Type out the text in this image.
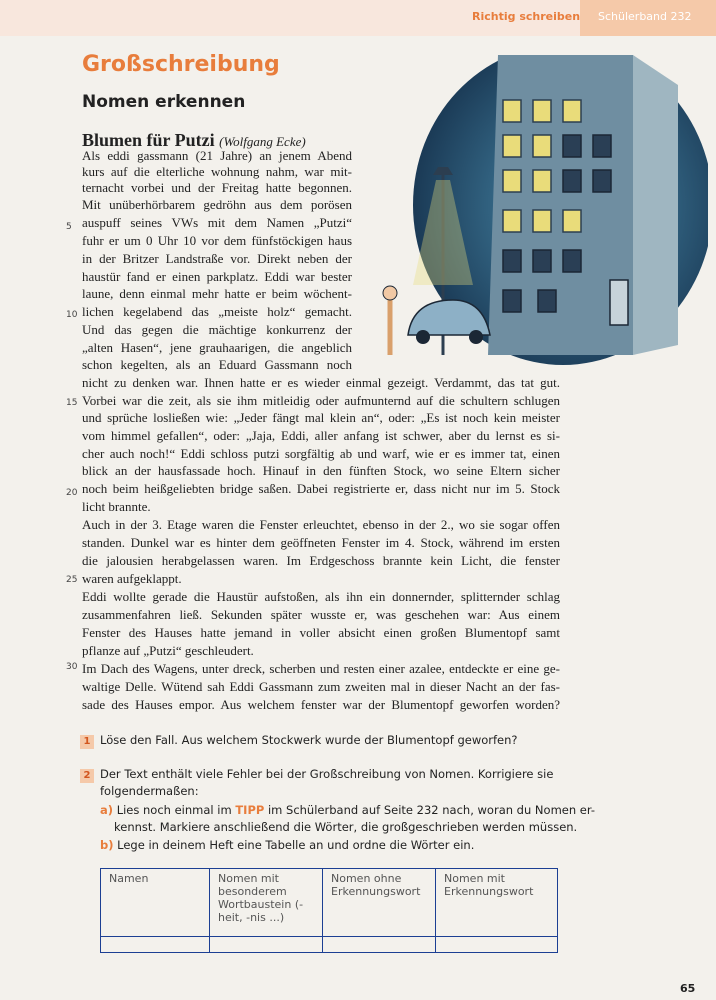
Richtig schreiben Schülerband 232
Großschreibung
Nomen erkennen
Blumen für Putzi (Wolfgang Ecke)
Als eddi gassmann (21 Jahre) an jenem Abend
kurs auf die elterliche wohnung nahm, war mit-
ternacht vorbei und der Freitag hatte begonnen.
Mit unüberhörbarem gedröhn aus dem porösen
auspuff seines VWs mit dem Namen „Putzi“
fuhr er um 0 Uhr 10 vor dem fünfstöckigen haus
in der Britzer Landstraße vor. Direkt neben der
haustür fand er einen parkplatz. Eddi war bester
laune, denn einmal mehr hatte er beim wöchent-
lichen kegelabend das „meiste holz“ gemacht.
Und das gegen die mächtige konkurrenz der
„alten Hasen“, jene grauhaarigen, die angeblich
schon kegelten, als an Eduard Gassmann noch
nicht zu denken war. Ihnen hatte er es wieder einmal gezeigt. Verdammt, das tat gut.
Vorbei war die zeit, als sie ihm mitleidig oder aufmunternd auf die schultern schlugen
und sprüche losließen wie: „Jeder fängt mal klein an“, oder: „Es ist noch kein meister
vom himmel gefallen“, oder: „Jaja, Eddi, aller anfang ist schwer, aber du lernst es si-
cher auch noch!“ Eddi schloss putzi sorgfältig ab und warf, wie er es immer tat, einen
blick an der hausfassade hoch. Hinauf in den fünften Stock, wo seine Eltern sicher
noch beim heißgeliebten bridge saßen. Dabei registrierte er, dass nicht nur im 5. Stock
licht brannte.
Auch in der 3. Etage waren die Fenster erleuchtet, ebenso in der 2., wo sie sogar offen
standen. Dunkel war es hinter dem geöffneten Fenster im 4. Stock, während im ersten
die jalousien herabgelassen waren. Im Erdgeschoss brannte kein Licht, die fenster
waren aufgeklappt.
Eddi wollte gerade die Haustür aufstoßen, als ihn ein donnernder, splitternder schlag
zusammenfahren ließ. Sekunden später wusste er, was geschehen war: Aus einem
Fenster des Hauses hatte jemand in voller absicht einen großen Blumentopf samt
pflanze auf „Putzi“ geschleudert.
Im Dach des Wagens, unter dreck, scherben und resten einer azalee, entdeckte er eine ge-
waltige Delle. Wütend sah Eddi Gassmann zum zweiten mal in dieser Nacht an der fas-
sade des Hauses empor. Aus welchem fenster war der Blumentopf geworfen worden?
5
10
15
20
25
30
1 Löse den Fall. Aus welchem Stockwerk wurde der Blumentopf geworfen?
2 Der Text enthält viele Fehler bei der Großschreibung von Nomen. Korrigiere sie
folgendermaßen:
a) Lies noch einmal im TIPP im Schülerband auf Seite 232 nach, woran du Nomen er-
kennst. Markiere anschließend die Wörter, die großgeschrieben werden müssen.
b) Lege in deinem Heft eine Tabelle an und ordne die Wörter ein.
Namen	Nomen mit besonderem Wortbaustein (-heit, -nis ...)	Nomen ohne Erkennungswort	Nomen mit Erkennungswort

65
